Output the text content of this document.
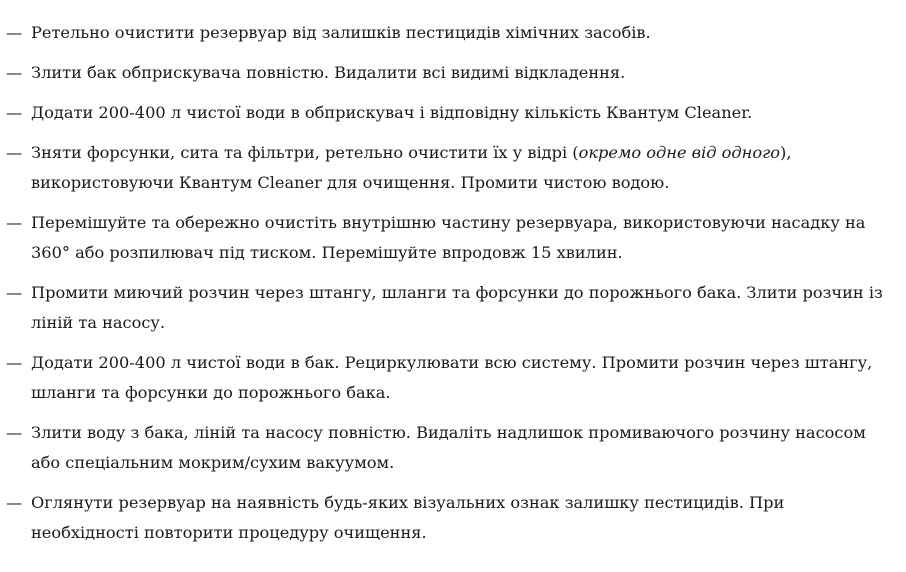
— Ретельно очистити резервуар від залишків пестицидів хімічних засобів.
— Злити бак обприскувача повністю. Видалити всі видимі відкладення.
— Додати 200-400 л чистої води в обприскувач і відповідну кількість Квантум Cleaner.
— Зняти форсунки, сита та фільтри, ретельно очистити їх у відрі (окремо одне від одного), використовуючи Квантум Cleaner для очищення. Промити чистою водою.
— Перемішуйте та обережно очистіть внутрішню частину резервуара, використовуючи насадку на 360° або розпилювач під тиском. Перемішуйте впродовж 15 хвилин.
— Промити миючий розчин через штангу, шланги та форсунки до порожнього бака. Злити розчин із ліній та насосу.
— Додати 200-400 л чистої води в бак. Рециркулювати всю систему. Промити розчин через штангу, шланги та форсунки до порожнього бака.
— Злити воду з бака, ліній та насосу повністю. Видаліть надлишок промиваючого розчину насосом або спеціальним мокрим/сухим вакуумом.
— Оглянути резервуар на наявність будь-яких візуальних ознак залишку пестицидів. При необхідності повторити процедуру очищення.
